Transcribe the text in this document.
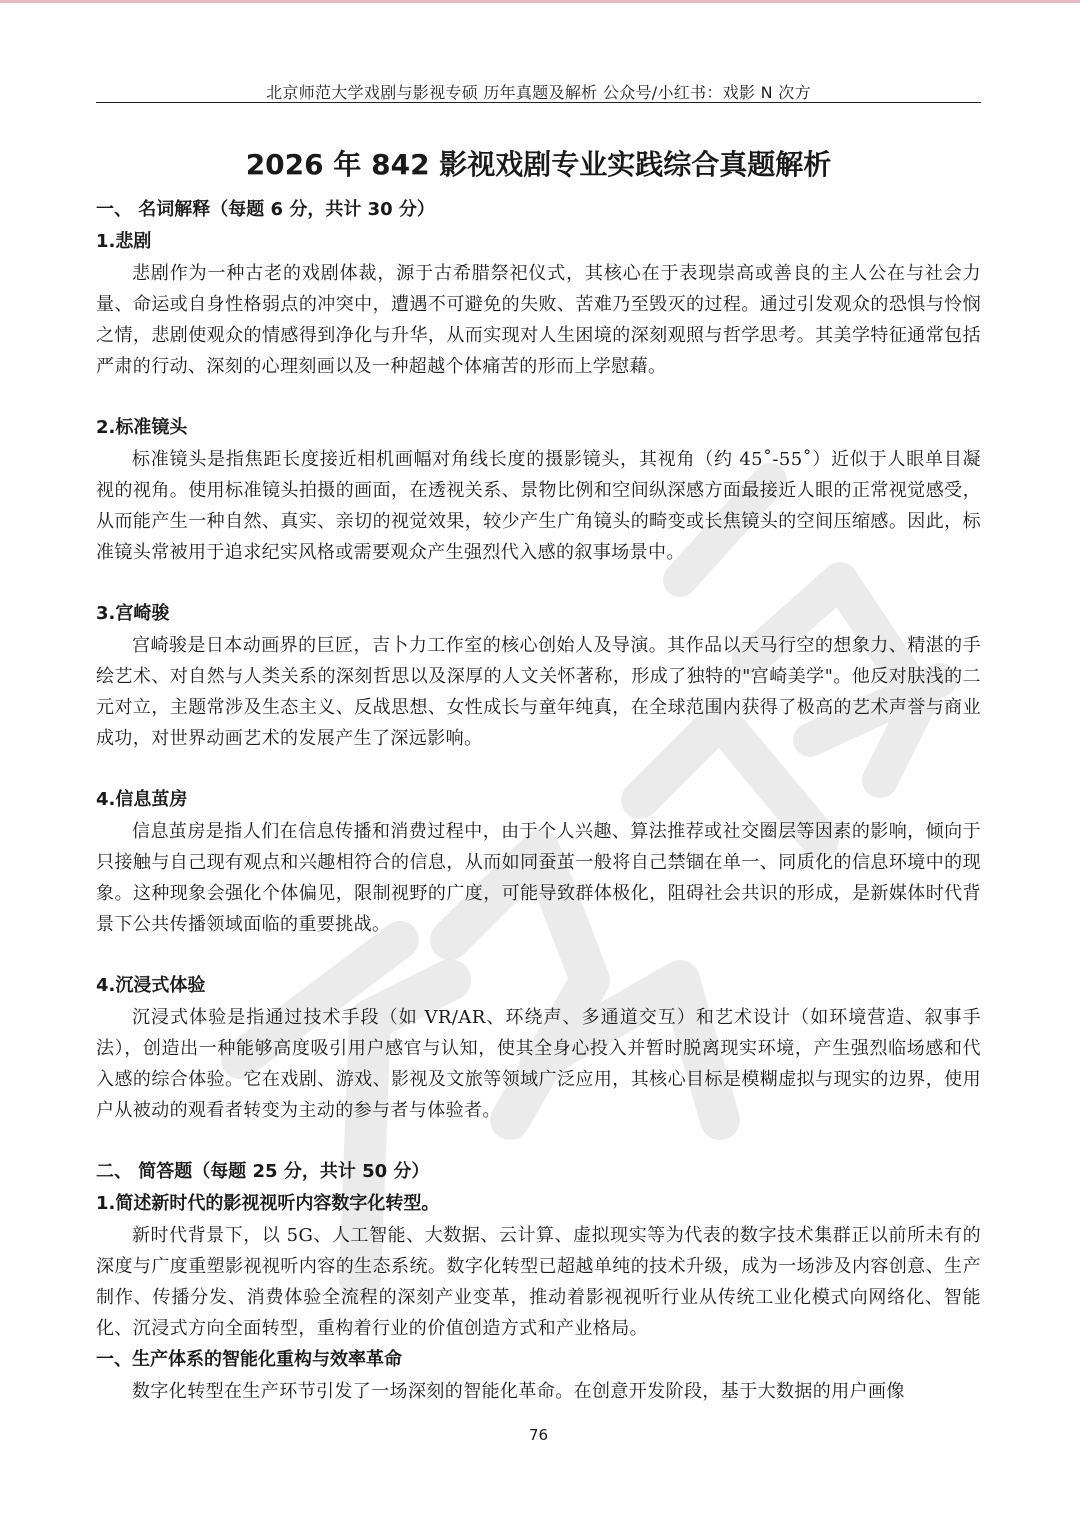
北京师范大学戏剧与影视专硕 历年真题及解析 公众号/小红书：戏影 N 次方
2026 年 842 影视戏剧专业实践综合真题解析
一、 名词解释（每题 6 分，共计 30 分）
1.悲剧

悲剧作为一种古老的戏剧体裁，源于古希腊祭祀仪式，其核心在于表现崇高或善良的主人公在与社会力量、命运或自身性格弱点的冲突中，遭遇不可避免的失败、苦难乃至毁灭的过程。通过引发观众的恐惧与怜悯之情，悲剧使观众的情感得到净化与升华，从而实现对人生困境的深刻观照与哲学思考。其美学特征通常包括严肃的行动、深刻的心理刻画以及一种超越个体痛苦的形而上学慰藉。

2.标准镜头

标准镜头是指焦距长度接近相机画幅对角线长度的摄影镜头，其视角（约 45˚-55˚）近似于人眼单目凝视的视角。使用标准镜头拍摄的画面，在透视关系、景物比例和空间纵深感方面最接近人眼的正常视觉感受，从而能产生一种自然、真实、亲切的视觉效果，较少产生广角镜头的畸变或长焦镜头的空间压缩感。因此，标准镜头常被用于追求纪实风格或需要观众产生强烈代入感的叙事场景中。

3.宫崎骏

宫崎骏是日本动画界的巨匠，吉卜力工作室的核心创始人及导演。其作品以天马行空的想象力、精湛的手绘艺术、对自然与人类关系的深刻哲思以及深厚的人文关怀著称，形成了独特的"宫崎美学"。他反对肤浅的二元对立，主题常涉及生态主义、反战思想、女性成长与童年纯真，在全球范围内获得了极高的艺术声誉与商业成功，对世界动画艺术的发展产生了深远影响。

4.信息茧房

信息茧房是指人们在信息传播和消费过程中，由于个人兴趣、算法推荐或社交圈层等因素的影响，倾向于只接触与自己现有观点和兴趣相符合的信息，从而如同蚕茧一般将自己禁锢在单一、同质化的信息环境中的现象。这种现象会强化个体偏见，限制视野的广度，可能导致群体极化，阻碍社会共识的形成，是新媒体时代背景下公共传播领域面临的重要挑战。

4.沉浸式体验

沉浸式体验是指通过技术手段（如 VR/AR、环绕声、多通道交互）和艺术设计（如环境营造、叙事手法），创造出一种能够高度吸引用户感官与认知，使其全身心投入并暂时脱离现实环境，产生强烈临场感和代入感的综合体验。它在戏剧、游戏、影视及文旅等领域广泛应用，其核心目标是模糊虚拟与现实的边界，使用户从被动的观看者转变为主动的参与者与体验者。

二、 简答题（每题 25 分，共计 50 分）
1.简述新时代的影视视听内容数字化转型。

新时代背景下，以 5G、人工智能、大数据、云计算、虚拟现实等为代表的数字技术集群正以前所未有的深度与广度重塑影视视听内容的生态系统。数字化转型已超越单纯的技术升级，成为一场涉及内容创意、生产制作、传播分发、消费体验全流程的深刻产业变革，推动着影视视听行业从传统工业化模式向网络化、智能化、沉浸式方向全面转型，重构着行业的价值创造方式和产业格局。

一、生产体系的智能化重构与效率革命

数字化转型在生产环节引发了一场深刻的智能化革命。在创意开发阶段，基于大数据的用户画像

76
